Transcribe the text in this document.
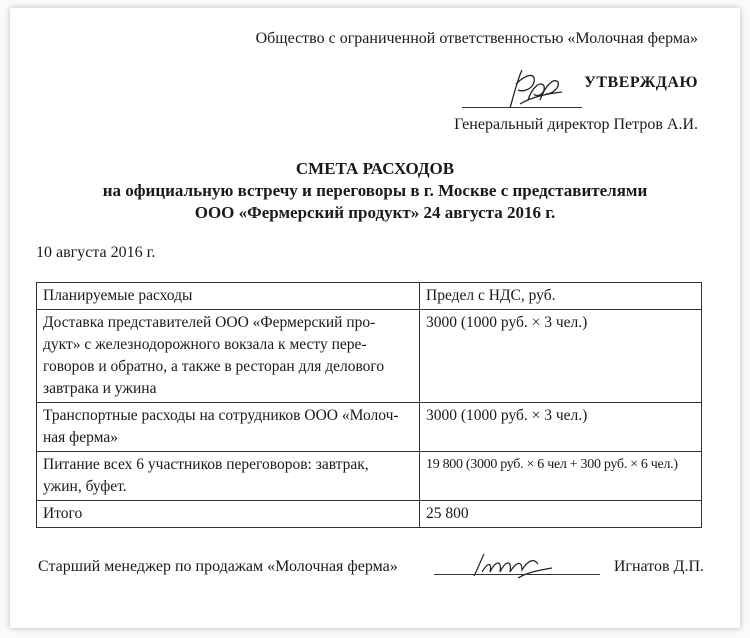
Общество с ограниченной ответственностью «Молочная ферма»
УТВЕРЖДАЮ
Генеральный директор Петров А.И.
СМЕТА РАСХОДОВ
на официальную встречу и переговоры в г. Москве с представителями
ООО «Фермерский продукт» 24 августа 2016 г.
10 августа 2016 г.
Планируемые расходы	Предел с НДС, руб.

Доставка представителей ООО «Фермерский про-
дукт» с железнодорожного вокзала к месту пере-
говоров и обратно, а также в ресторан для делового
завтрака и ужина	3000 (1000 руб. × 3 чел.)

Транспортные расходы на сотрудников ООО «Молоч-
ная ферма»	3000 (1000 руб. × 3 чел.)

Питание всех 6 участников переговоров: завтрак,
ужин, буфет.	19 800 (3000 руб. × 6 чел + 300 руб. × 6 чел.)
Итого	25 800
Старший менеджер по продажам «Молочная ферма»	Игнатов Д.П.
